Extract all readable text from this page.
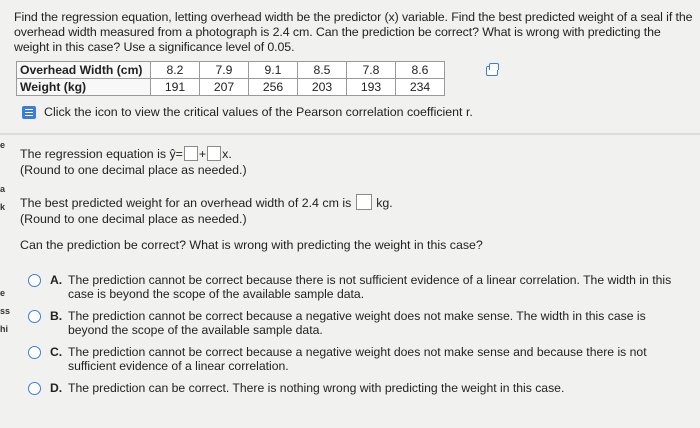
Find the regression equation, letting overhead width be the predictor (x) variable. Find the best predicted weight of a seal if the overhead width measured from a photograph is 2.4 cm. Can the prediction be correct? What is wrong with predicting the weight in this case? Use a significance level of 0.05.
Overhead Width (cm)	8.2	7.9	9.1	8.5	7.8	8.6
Weight (kg)	191	207	256	203	193	234
Click the icon to view the critical values of the Pearson correlation coefficient r.
e
a
k
e
ss
hi
The regression equation is ŷ= + x.
(Round to one decimal place as needed.)
The best predicted weight for an overhead width of 2.4 cm is kg.
(Round to one decimal place as needed.)
Can the prediction be correct? What is wrong with predicting the weight in this case?
A. The prediction cannot be correct because there is not sufficient evidence of a linear correlation. The width in this case is beyond the scope of the available sample data.
B. The prediction cannot be correct because a negative weight does not make sense. The width in this case is beyond the scope of the available sample data.
C. The prediction cannot be correct because a negative weight does not make sense and because there is not sufficient evidence of a linear correlation.
D. The prediction can be correct. There is nothing wrong with predicting the weight in this case.
